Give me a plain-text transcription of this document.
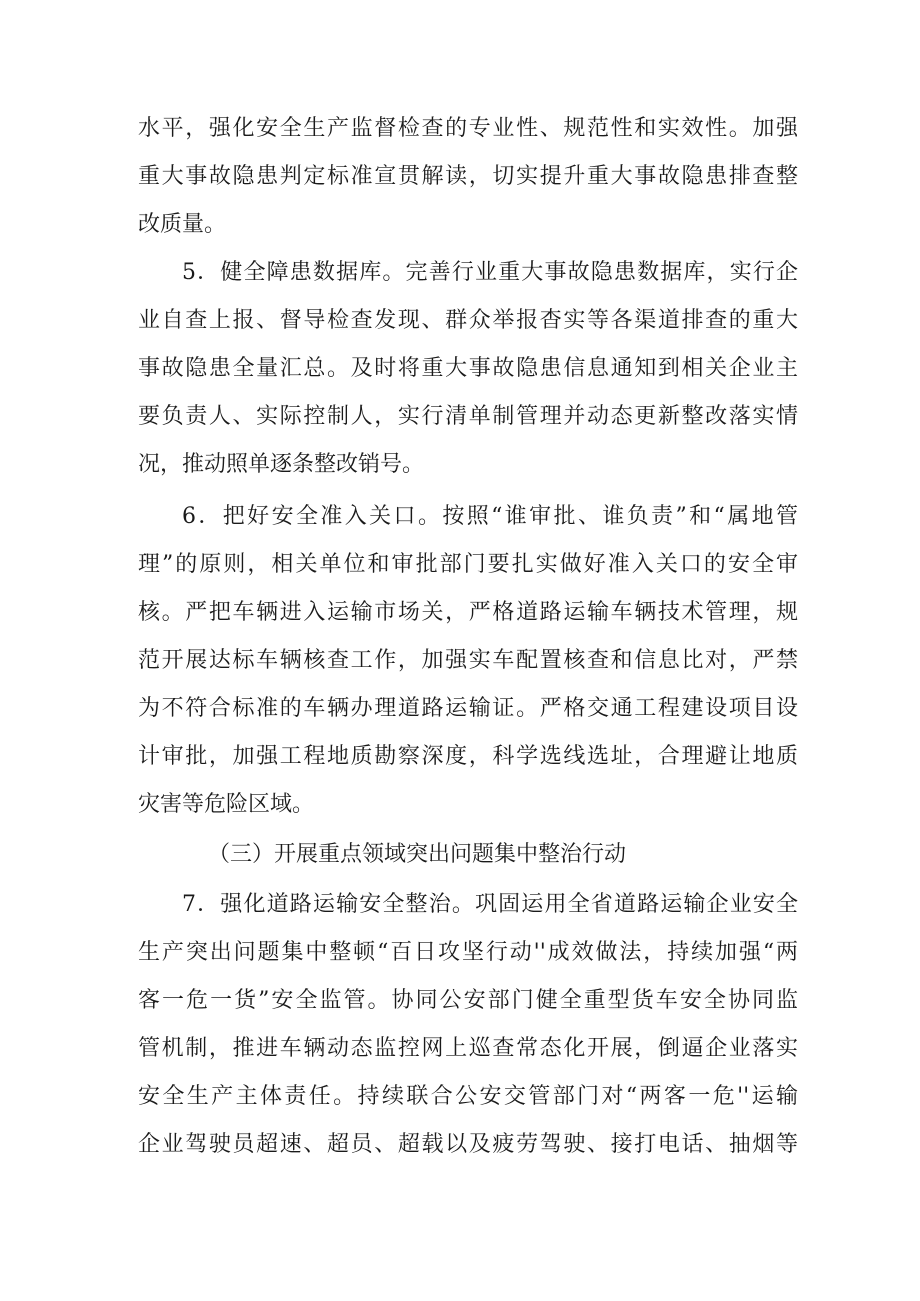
水平，强化安全生产监督检查的专业性、规范性和实效性。加强
重大事故隐患判定标准宣贯解读，切实提升重大事故隐患排查整
改质量。
5．健全障患数据库。完善行业重大事故隐患数据库，实行企
业自查上报、督导检查发现、群众举报杳实等各渠道排查的重大
事故隐患全量汇总。及时将重大事故隐患信息通知到相关企业主
要负责人、实际控制人，实行清单制管理并动态更新整改落实情
况，推动照单逐条整改销号。
6．把好安全准入关口。按照“谁审批、谁负责”和“属地管
理”的原则，相关单位和审批部门要扎实做好准入关口的安全审
核。严把车辆进入运输市场关，严格道路运输车辆技术管理，规
范开展达标车辆核查工作，加强实车配置核查和信息比对，严禁
为不符合标准的车辆办理道路运输证。严格交通工程建设项目设
计审批，加强工程地质勘察深度，科学选线选址，合理避让地质
灾害等危险区域。
（三）开展重点领域突出问题集中整治行动
7．强化道路运输安全整治。巩固运用全省道路运输企业安全
生产突出问题集中整顿“百日攻坚行动''成效做法，持续加强“两
客一危一货”安全监管。协同公安部门健全重型货车安全协同监
管机制，推进车辆动态监控网上巡查常态化开展，倒逼企业落实
安全生产主体责任。持续联合公安交管部门对“两客一危''运输
企业驾驶员超速、超员、超载以及疲劳驾驶、接打电话、抽烟等
